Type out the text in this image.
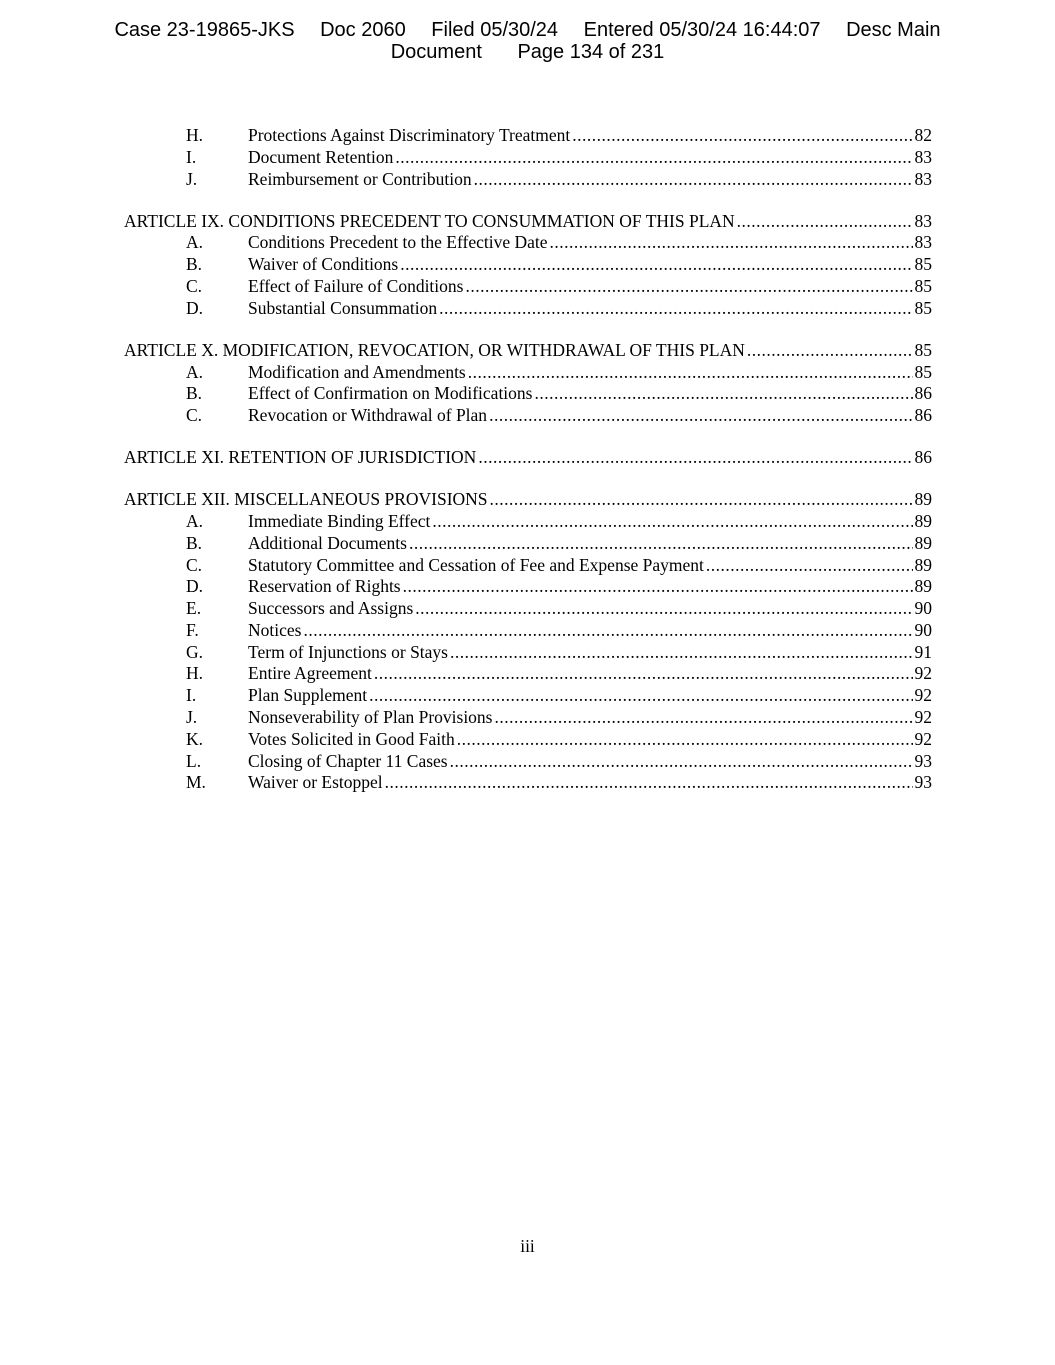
Case 23-19865-JKS Doc 2060 Filed 05/30/24 Entered 05/30/24 16:44:07 Desc Main
Document Page 134 of 231
H.	Protections Against Discriminatory Treatment .....	82
I.	Document Retention .....	83
J.	Reimbursement or Contribution .....	83
ARTICLE IX. CONDITIONS PRECEDENT TO CONSUMMATION OF THIS PLAN .....	83
A.	Conditions Precedent to the Effective Date .....	83
B.	Waiver of Conditions .....	85
C.	Effect of Failure of Conditions .....	85
D.	Substantial Consummation .....	85
ARTICLE X. MODIFICATION, REVOCATION, OR WITHDRAWAL OF THIS PLAN .....	85
A.	Modification and Amendments .....	85
B.	Effect of Confirmation on Modifications .....	86
C.	Revocation or Withdrawal of Plan .....	86
ARTICLE XI. RETENTION OF JURISDICTION .....	86
ARTICLE XII. MISCELLANEOUS PROVISIONS .....	89
A.	Immediate Binding Effect .....	89
B.	Additional Documents .....	89
C.	Statutory Committee and Cessation of Fee and Expense Payment .....	89
D.	Reservation of Rights .....	89
E.	Successors and Assigns .....	90
F.	Notices .....	90
G.	Term of Injunctions or Stays .....	91
H.	Entire Agreement .....	92
I.	Plan Supplement .....	92
J.	Nonseverability of Plan Provisions .....	92
K.	Votes Solicited in Good Faith .....	92
L.	Closing of Chapter 11 Cases .....	93
M.	Waiver or Estoppel .....	93
iii
